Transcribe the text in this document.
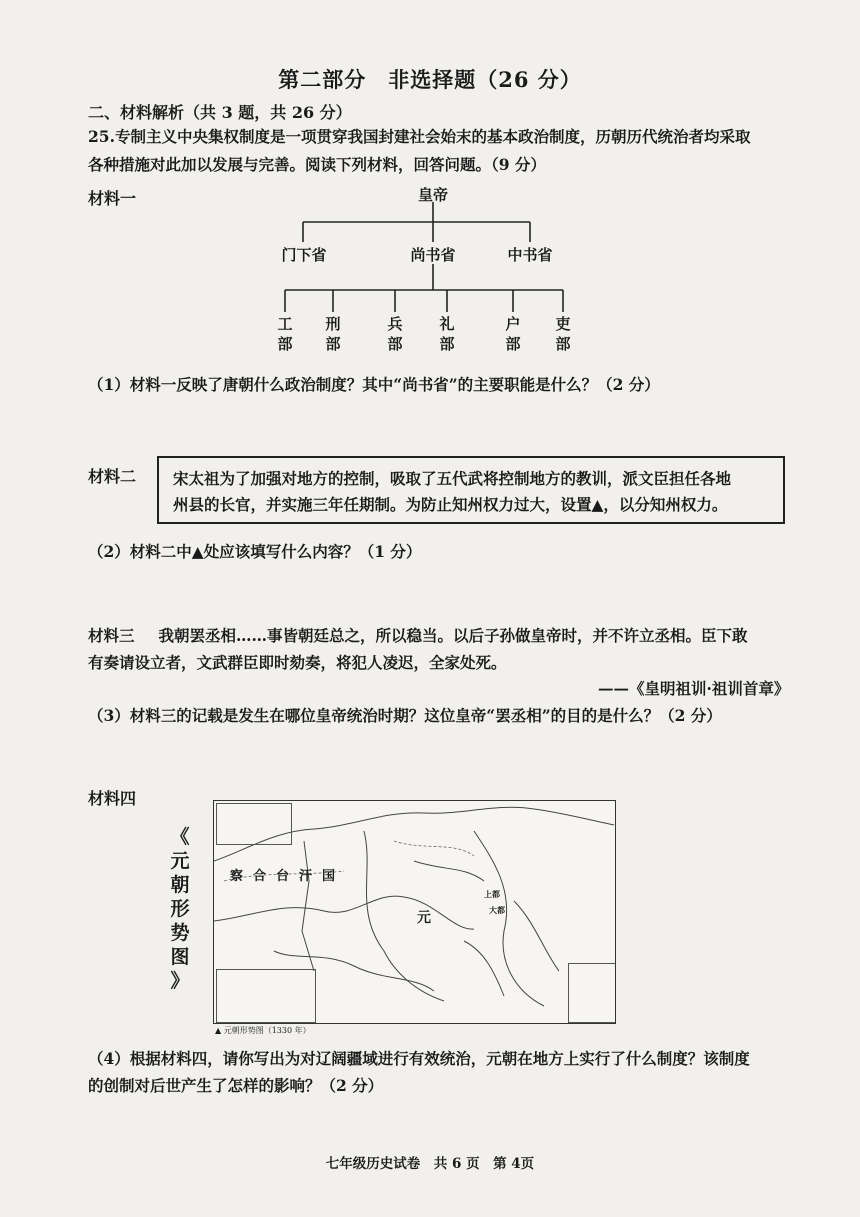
第二部分　非选择题（26 分）
二、材料解析（共 3 题，共 26 分）
25.专制主义中央集权制度是一项贯穿我国封建社会始末的基本政治制度，历朝历代统治者均采取
各种措施对此加以发展与完善。阅读下列材料，回答问题。（9 分）
材料一	皇帝
门下省	尚书省	中书省
工
部
刑
部
兵
部
礼
部
户
部
吏
部
（1）材料一反映了唐朝什么政治制度？其中“尚书省”的主要职能是什么？（2 分）
材料二 宋太祖为了加强对地方的控制，吸取了五代武将控制地方的教训，派文臣担任各地
州县的长官，并实施三年任期制。为防止知州权力过大，设置▲，以分知州权力。
（2）材料二中▲处应该填写什么内容？（1 分）
材料三 我朝罢丞相……事皆朝廷总之，所以稳当。以后子孙做皇帝时，并不许立丞相。臣下敢
有奏请设立者，文武群臣即时劾奏，将犯人凌迟，全家处死。
——《皇明祖训·祖训首章》
（3）材料三的记载是发生在哪位皇帝统治时期？这位皇帝“罢丞相”的目的是什么？（2 分）
材料四
《
元
朝
形
势
图
》
察合台汗国
元
上都
大都
▲ 元朝形势图（1330 年）
（4）根据材料四，请你写出为对辽阔疆域进行有效统治，元朝在地方上实行了什么制度？该制度
的创制对后世产生了怎样的影响？（2 分）
七年级历史试卷　共 6 页　第 4页
